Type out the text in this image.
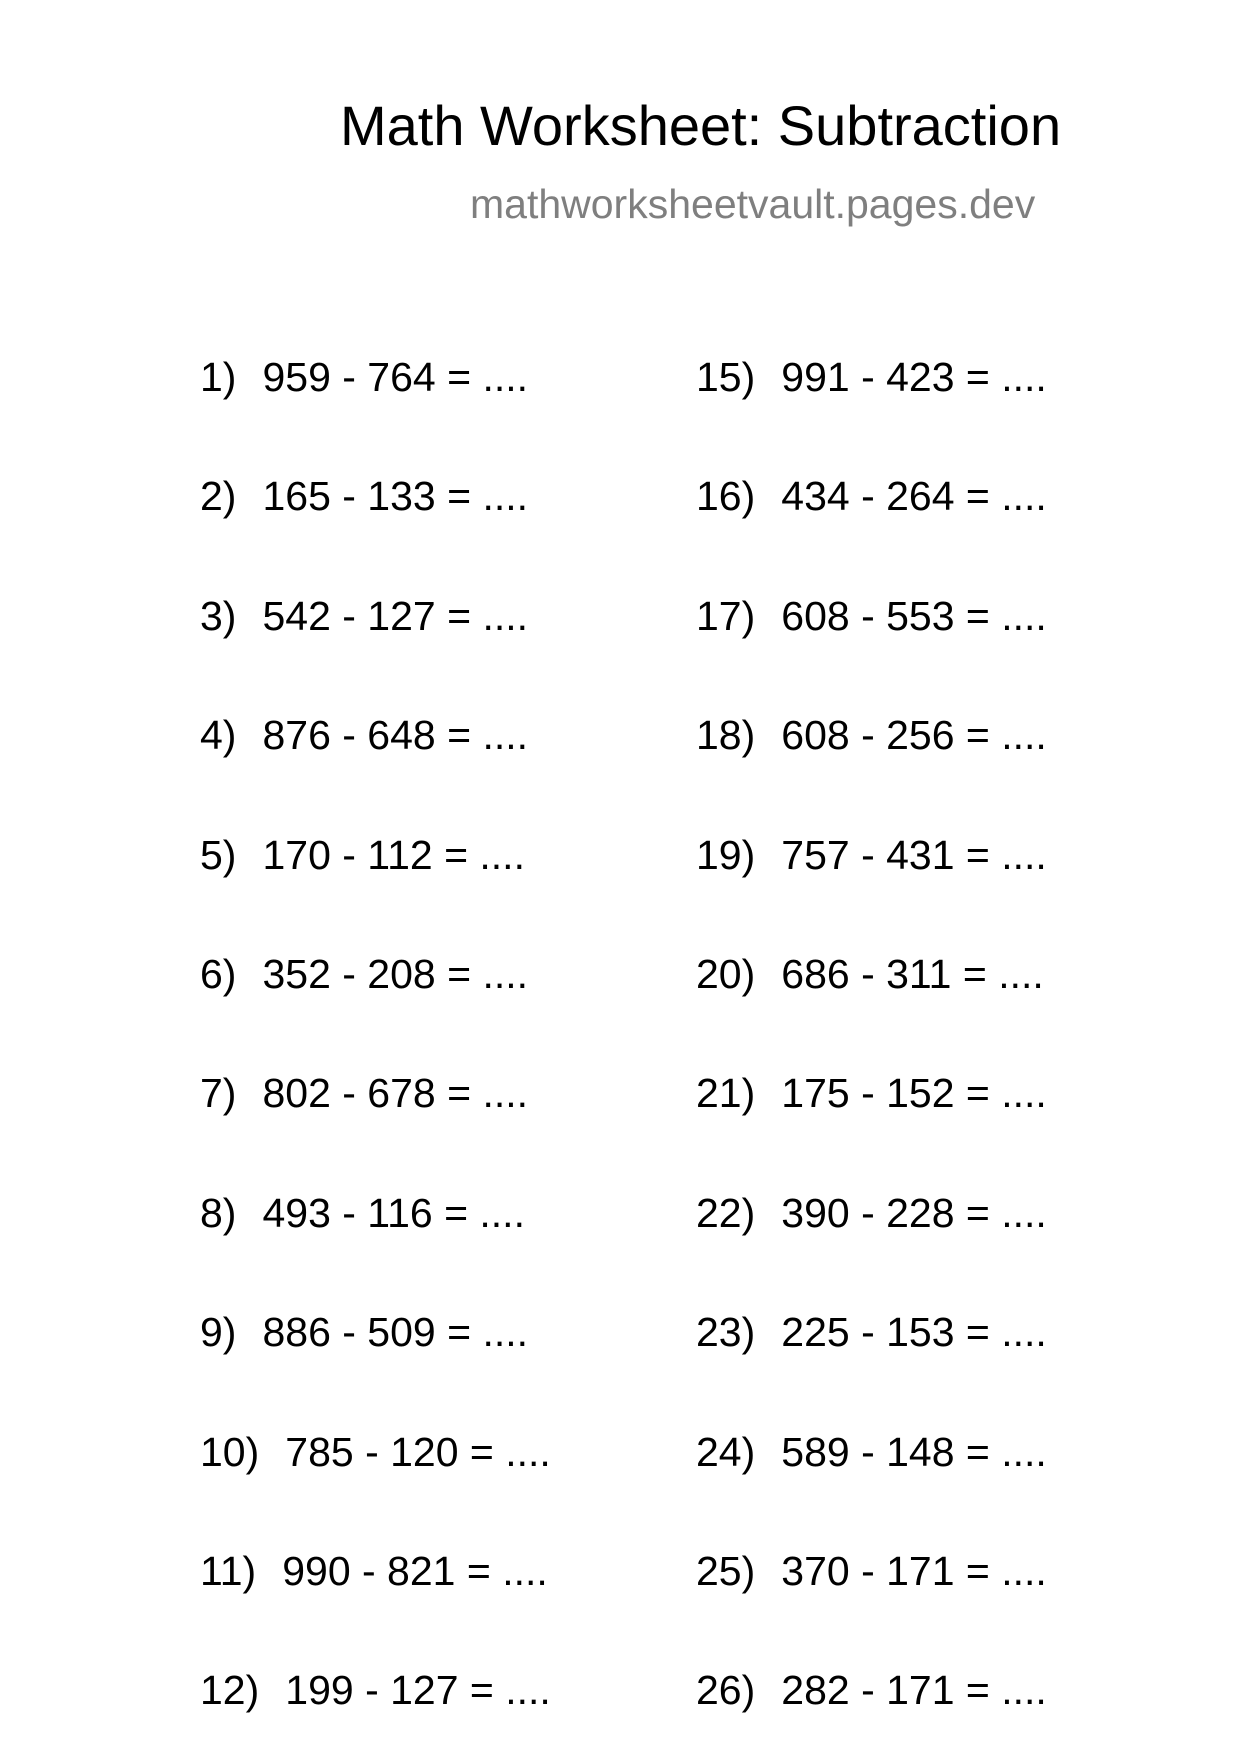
Math Worksheet: Subtraction
mathworksheetvault.pages.dev
1) 959 - 764 = ....
2) 165 - 133 = ....
3) 542 - 127 = ....
4) 876 - 648 = ....
5) 170 - 112 = ....
6) 352 - 208 = ....
7) 802 - 678 = ....
8) 493 - 116 = ....
9) 886 - 509 = ....
10) 785 - 120 = ....
11) 990 - 821 = ....
12) 199 - 127 = ....
15) 991 - 423 = ....
16) 434 - 264 = ....
17) 608 - 553 = ....
18) 608 - 256 = ....
19) 757 - 431 = ....
20) 686 - 311 = ....
21) 175 - 152 = ....
22) 390 - 228 = ....
23) 225 - 153 = ....
24) 589 - 148 = ....
25) 370 - 171 = ....
26) 282 - 171 = ....
